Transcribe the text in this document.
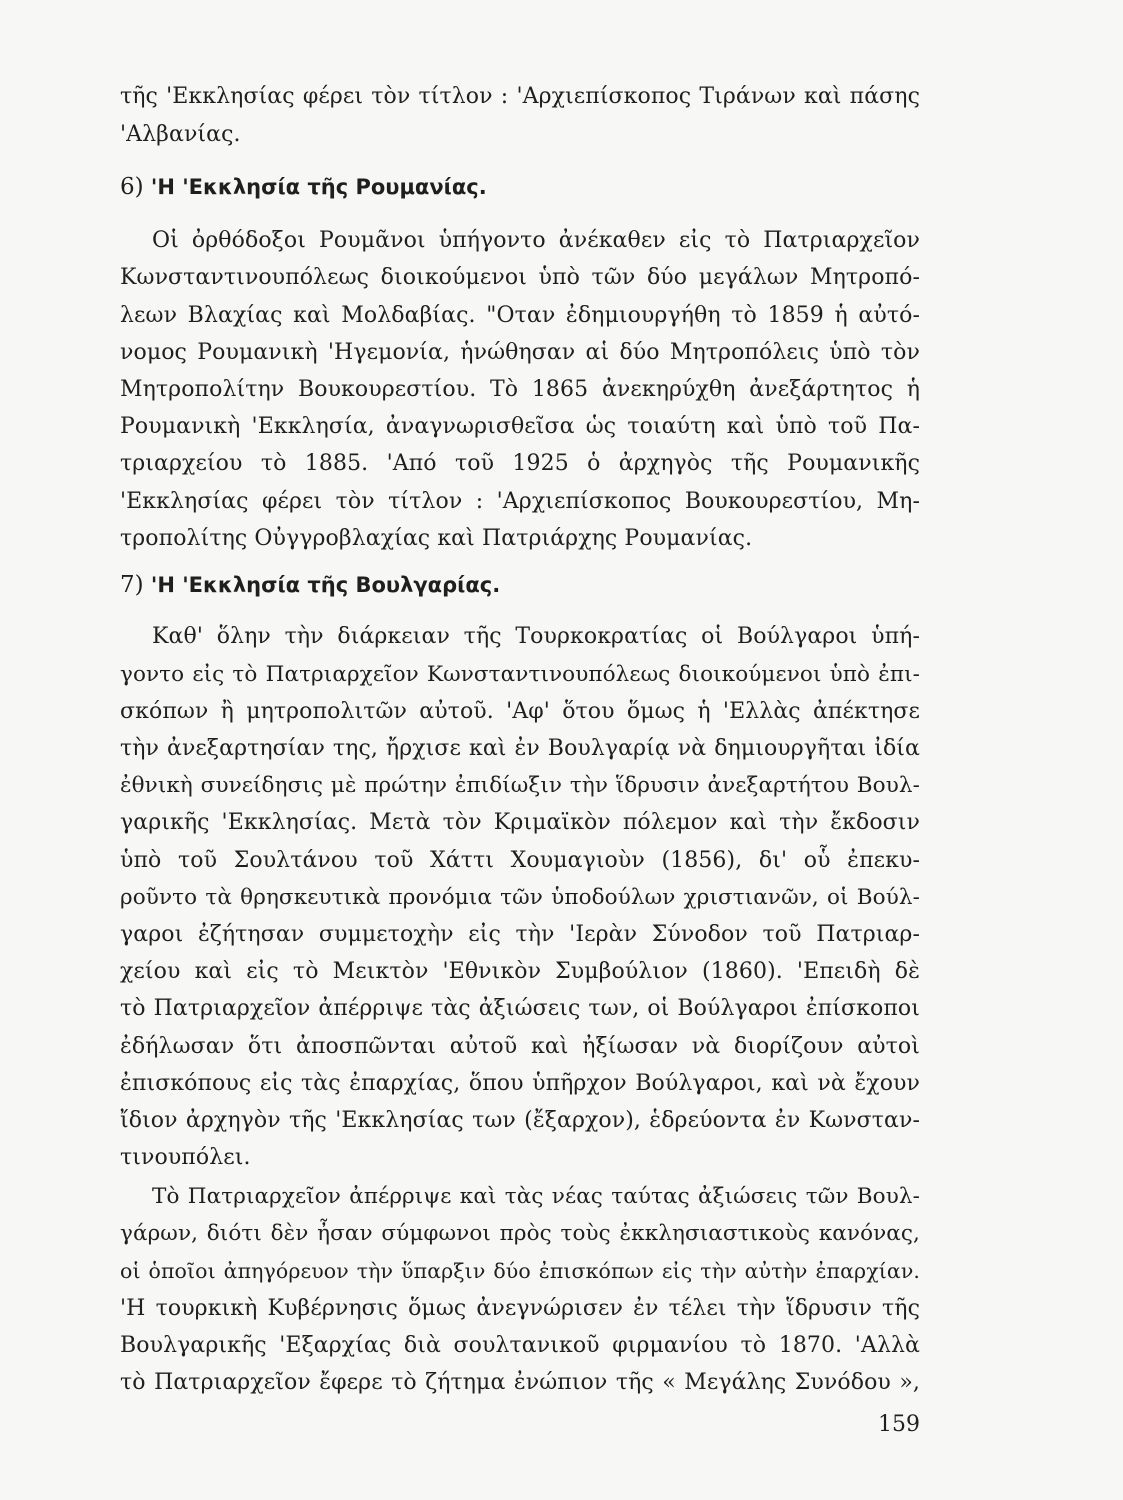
τῆς 'Εκκλησίας φέρει τὸν τίτλον : 'Αρχιεπίσκοπος Τιράνων καὶ πάσης
'Αλβανίας.
6) 'Η 'Εκκλησία τῆς Ρουμανίας.
Οἱ ὀρθόδοξοι Ρουμᾶνοι ὑπήγοντο ἀνέκαθεν εἰς τὸ Πατριαρχεῖον
Κωνσταντινουπόλεως διοικούμενοι ὑπὸ τῶν δύο μεγάλων Μητροπό-
λεων Βλαχίας καὶ Μολδαβίας. "Οταν ἐδημιουργήθη τὸ 1859 ἡ αὐτό-
νομος Ρουμανικὴ 'Ηγεμονία, ἡνώθησαν αἱ δύο Μητροπόλεις ὑπὸ τὸν
Μητροπολίτην Βουκουρεστίου. Τὸ 1865 ἀνεκηρύχθη ἀνεξάρτητος ἡ
Ρουμανικὴ 'Εκκλησία, ἀναγνωρισθεῖσα ὡς τοιαύτη καὶ ὑπὸ τοῦ Πα-
τριαρχείου τὸ 1885. 'Από τοῦ 1925 ὁ ἀρχηγὸς τῆς Ρουμανικῆς
'Εκκλησίας φέρει τὸν τίτλον : 'Αρχιεπίσκοπος Βουκουρεστίου, Μη-
τροπολίτης Οὐγγροβλαχίας καὶ Πατριάρχης Ρουμανίας.
7) 'Η 'Εκκλησία τῆς Βουλγαρίας.
Καθ' ὅλην τὴν διάρκειαν τῆς Τουρκοκρατίας οἱ Βούλγαροι ὑπή-
γοντο εἰς τὸ Πατριαρχεῖον Κωνσταντινουπόλεως διοικούμενοι ὑπὸ ἐπι-
σκόπων ἢ μητροπολιτῶν αὐτοῦ. 'Αφ' ὅτου ὅμως ἡ 'Ελλὰς ἀπέκτησε
τὴν ἀνεξαρτησίαν της, ἤρχισε καὶ ἐν Βουλγαρίᾳ νὰ δημιουργῆται ἰδία
ἐθνικὴ συνείδησις μὲ πρώτην ἐπιδίωξιν τὴν ἵδρυσιν ἀνεξαρτήτου Βουλ-
γαρικῆς 'Εκκλησίας. Μετὰ τὸν Κριμαϊκὸν πόλεμον καὶ τὴν ἔκδοσιν
ὑπὸ τοῦ Σουλτάνου τοῦ Χάττι Χουμαγιοὺν (1856), δι' οὗ ἐπεκυ-
ροῦντο τὰ θρησκευτικὰ προνόμια τῶν ὑποδούλων χριστιανῶν, οἱ Βούλ-
γαροι ἐζήτησαν συμμετοχὴν εἰς τὴν 'Ιερὰν Σύνοδον τοῦ Πατριαρ-
χείου καὶ εἰς τὸ Μεικτὸν 'Εθνικὸν Συμβούλιον (1860). 'Επειδὴ δὲ
τὸ Πατριαρχεῖον ἀπέρριψε τὰς ἀξιώσεις των, οἱ Βούλγαροι ἐπίσκοποι
ἐδήλωσαν ὅτι ἀποσπῶνται αὐτοῦ καὶ ἠξίωσαν νὰ διορίζουν αὐτοὶ
ἐπισκόπους εἰς τὰς ἐπαρχίας, ὅπου ὑπῆρχον Βούλγαροι, καὶ νὰ ἔχουν
ἴδιον ἀρχηγὸν τῆς 'Εκκλησίας των (ἔξαρχον), ἑδρεύοντα ἐν Κωνσταν-
τινουπόλει.
Τὸ Πατριαρχεῖον ἀπέρριψε καὶ τὰς νέας ταύτας ἀξιώσεις τῶν Βουλ-
γάρων, διότι δὲν ἦσαν σύμφωνοι πρὸς τοὺς ἐκκλησιαστικοὺς κανόνας,
οἱ ὁποῖοι ἀπηγόρευον τὴν ὕπαρξιν δύο ἐπισκόπων εἰς τὴν αὐτὴν ἐπαρχίαν.
'Η τουρκικὴ Κυβέρνησις ὅμως ἀνεγνώρισεν ἐν τέλει τὴν ἵδρυσιν τῆς
Βουλγαρικῆς 'Εξαρχίας διὰ σουλτανικοῦ φιρμανίου τὸ 1870. 'Αλλὰ
τὸ Πατριαρχεῖον ἔφερε τὸ ζήτημα ἐνώπιον τῆς « Μεγάλης Συνόδου »,
159
